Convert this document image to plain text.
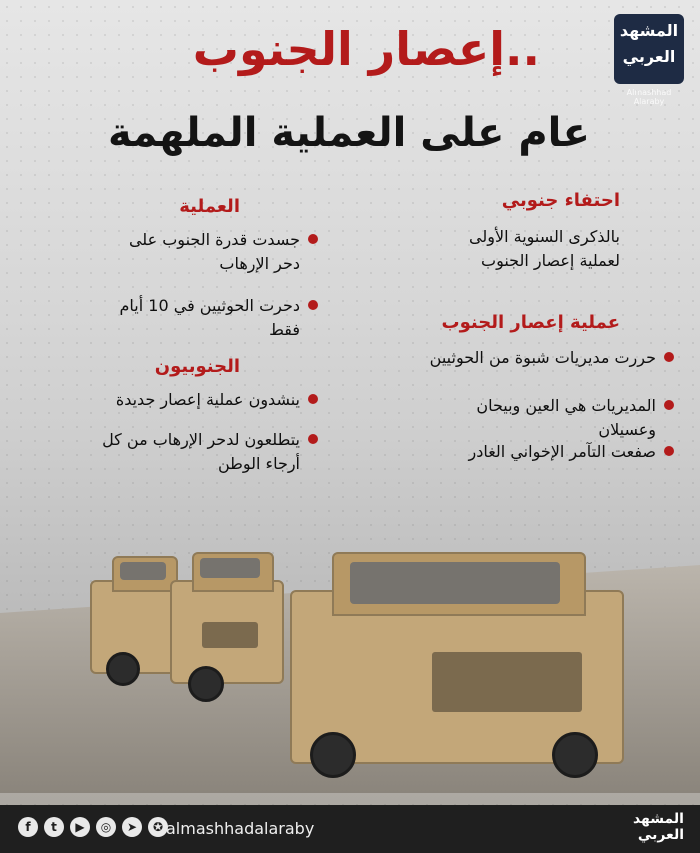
المشهد
العربي
Almashhad Alaraby
إعصار الجنوب..
عام على العملية الملهمة
احتفاء جنوبي
بالذكرى السنوية الأولى
لعملية إعصار الجنوب
عملية إعصار الجنوب
حررت مديريات شبوة من الحوثيين
المديريات هي العين وبيحان وعسيلان
صفعت التآمر الإخواني الغادر
العملية
جسدت قدرة الجنوب على دحر الإرهاب
دحرت الحوثيين في 10 أيام فقط
الجنوبيون
ينشدون عملية إعصار جديدة
يتطلعون لدحر الإرهاب من كل أرجاء الوطن
f	t	▶	◎	➤	✪ almashhadalaraby	المشهد
العربي
